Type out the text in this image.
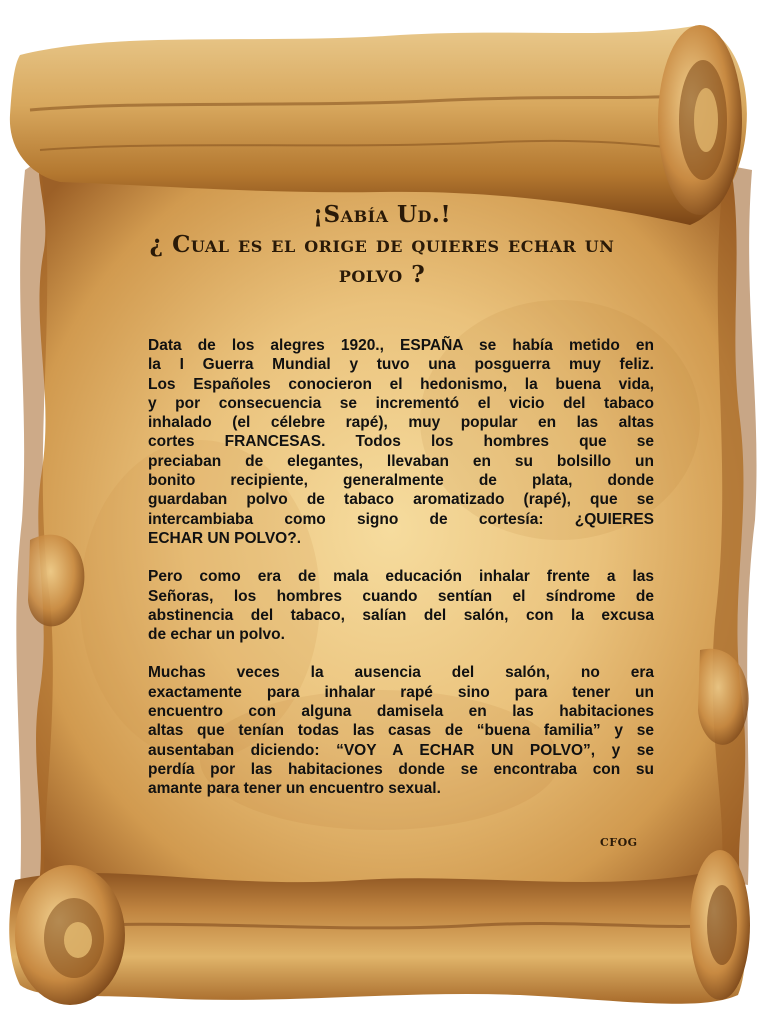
¡Sabía Ud.!
¿ Cual es el orige de quieres echar un
polvo ?

Data de los alegres 1920., ESPAÑA se había metido en
la I Guerra Mundial y tuvo una posguerra muy feliz.
Los Españoles conocieron el hedonismo, la buena vida,
y por consecuencia se incrementó el vicio del tabaco
inhalado (el célebre rapé), muy popular en las altas
cortes FRANCESAS. Todos los hombres que se
preciaban de elegantes, llevaban en su bolsillo un
bonito recipiente, generalmente de plata, donde
guardaban polvo de tabaco aromatizado (rapé), que se
intercambiaba como signo de cortesía: ¿QUIERES
ECHAR UN POLVO?.

Pero como era de mala educación inhalar frente a las
Señoras, los hombres cuando sentían el síndrome de
abstinencia del tabaco, salían del salón, con la excusa
de echar un polvo.

Muchas veces la ausencia del salón, no era
exactamente para inhalar rapé sino para tener un
encuentro con alguna damisela en las habitaciones
altas que tenían todas las casas de “buena familia” y se
ausentaban diciendo: “VOY A ECHAR UN POLVO”, y se
perdía por las habitaciones donde se encontraba con su
amante para tener un encuentro sexual.

CFOG
